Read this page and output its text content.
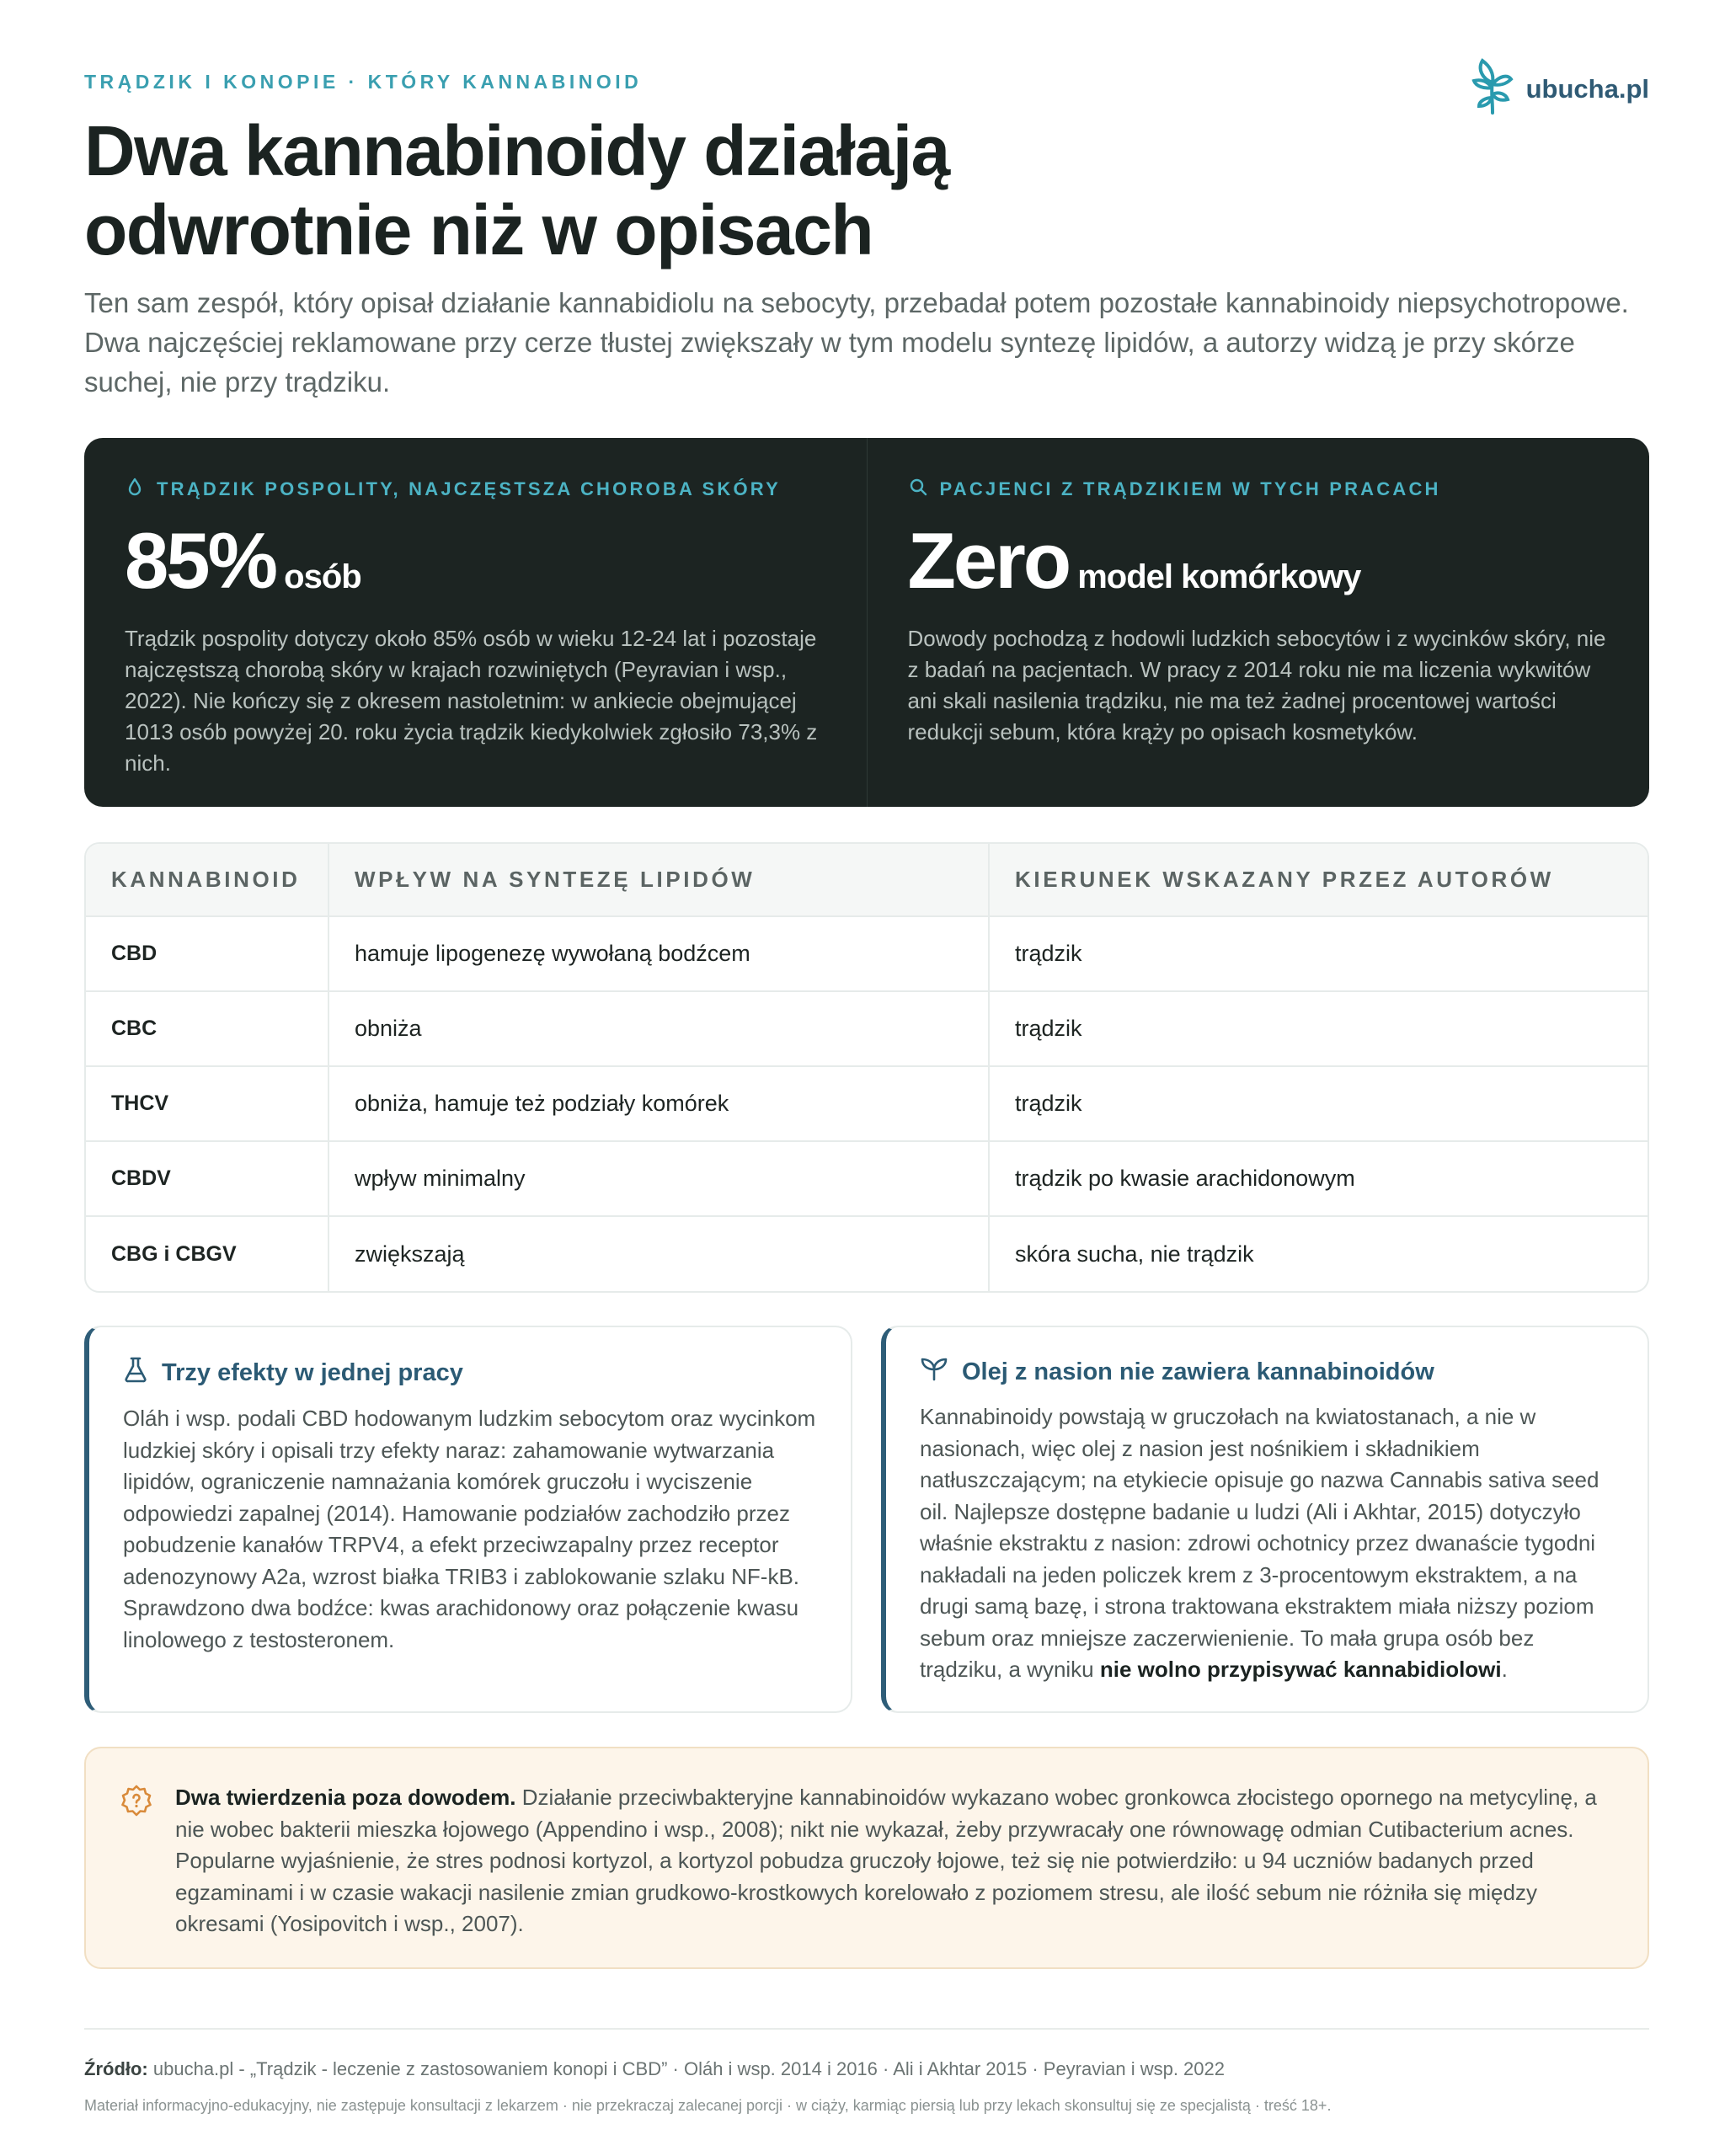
TRĄDZIK I KONOPIE · KTÓRY KANNABINOID	ubucha.pl
Dwa kannabinoidy działają
odwrotnie niż w opisach

Ten sam zespół, który opisał działanie kannabidiolu na sebocyty, przebadał potem pozostałe kannabinoidy niepsychotropowe. Dwa najczęściej reklamowane przy cerze tłustej zwiększały w tym modelu syntezę lipidów, a autorzy widzą je przy skórze suchej, nie przy trądziku.

TRĄDZIK POSPOLITY, NAJCZĘSTSZA CHOROBA SKÓRY
85% osób

Trądzik pospolity dotyczy około 85% osób w wieku 12-24 lat i pozostaje najczęstszą chorobą skóry w krajach rozwiniętych (Peyravian i wsp., 2022). Nie kończy się z okresem nastoletnim: w ankiecie obejmującej 1013 osób powyżej 20. roku życia trądzik kiedykolwiek zgłosiło 73,3% z nich.

PACJENCI Z TRĄDZIKIEM W TYCH PRACACH
Zero model komórkowy

Dowody pochodzą z hodowli ludzkich sebocytów i z wycinków skóry, nie z badań na pacjentach. W pracy z 2014 roku nie ma liczenia wykwitów ani skali nasilenia trądziku, nie ma też żadnej procentowej wartości redukcji sebum, która krąży po opisach kosmetyków.

KANNABINOID	WPŁYW NA SYNTEZĘ LIPIDÓW	KIERUNEK WSKAZANY PRZEZ AUTORÓW
CBD	hamuje lipogenezę wywołaną bodźcem	trądzik
CBC	obniża	trądzik
THCV	obniża, hamuje też podziały komórek	trądzik
CBDV	wpływ minimalny	trądzik po kwasie arachidonowym
CBG i CBGV	zwiększają	skóra sucha, nie trądzik
Trzy efekty w jednej pracy

Oláh i wsp. podali CBD hodowanym ludzkim sebocytom oraz wycinkom ludzkiej skóry i opisali trzy efekty naraz: zahamowanie wytwarzania lipidów, ograniczenie namnażania komórek gruczołu i wyciszenie odpowiedzi zapalnej (2014). Hamowanie podziałów zachodziło przez pobudzenie kanałów TRPV4, a efekt przeciwzapalny przez receptor adenozynowy A2a, wzrost białka TRIB3 i zablokowanie szlaku NF-kB. Sprawdzono dwa bodźce: kwas arachidonowy oraz połączenie kwasu linolowego z testosteronem.

Olej z nasion nie zawiera kannabinoidów

Kannabinoidy powstają w gruczołach na kwiatostanach, a nie w nasionach, więc olej z nasion jest nośnikiem i składnikiem natłuszczającym; na etykiecie opisuje go nazwa Cannabis sativa seed oil. Najlepsze dostępne badanie u ludzi (Ali i Akhtar, 2015) dotyczyło właśnie ekstraktu z nasion: zdrowi ochotnicy przez dwanaście tygodni nakładali na jeden policzek krem z 3-procentowym ekstraktem, a na drugi samą bazę, i strona traktowana ekstraktem miała niższy poziom sebum oraz mniejsze zaczerwienienie. To mała grupa osób bez trądziku, a wyniku nie wolno przypisywać kannabidiolowi.

Dwa twierdzenia poza dowodem. Działanie przeciwbakteryjne kannabinoidów wykazano wobec gronkowca złocistego opornego na metycylinę, a nie wobec bakterii mieszka łojowego (Appendino i wsp., 2008); nikt nie wykazał, żeby przywracały one równowagę odmian Cutibacterium acnes. Popularne wyjaśnienie, że stres podnosi kortyzol, a kortyzol pobudza gruczoły łojowe, też się nie potwierdziło: u 94 uczniów badanych przed egzaminami i w czasie wakacji nasilenie zmian grudkowo-krostkowych korelowało z poziomem stresu, ale ilość sebum nie różniła się między okresami (Yosipovitch i wsp., 2007).

Źródło: ubucha.pl - „Trądzik - leczenie z zastosowaniem konopi i CBD” · Oláh i wsp. 2014 i 2016 · Ali i Akhtar 2015 · Peyravian i wsp. 2022

Materiał informacyjno-edukacyjny, nie zastępuje konsultacji z lekarzem · nie przekraczaj zalecanej porcji · w ciąży, karmiąc piersią lub przy lekach skonsultuj się ze specjalistą · treść 18+.
